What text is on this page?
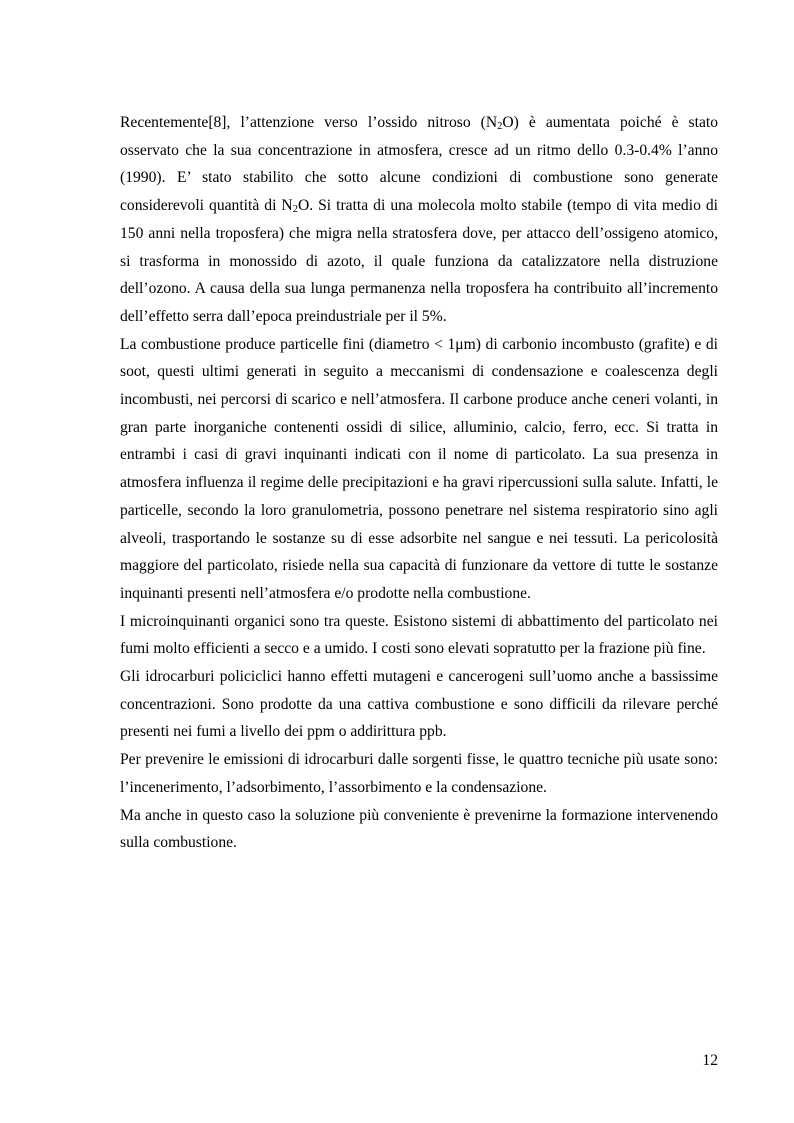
Recentemente[8], l’attenzione verso l’ossido nitroso $(N_2O)$ è aumentata poiché è stato osservato che la sua concentrazione in atmosfera, cresce ad un ritmo dello 0.3-0.4% l’anno (1990). E’ stato stabilito che sotto alcune condizioni di combustione sono generate considerevoli quantità di $N_2O$. Si tratta di una molecola molto stabile (tempo di vita medio di 150 anni nella troposfera) che migra nella stratosfera dove, per attacco dell’ossigeno atomico, si trasforma in monossido di azoto, il quale funziona da catalizzatore nella distruzione dell’ozono. A causa della sua lunga permanenza nella troposfera ha contribuito all’incremento dell’effetto serra dall’epoca preindustriale per il 5%.

La combustione produce particelle fini (diametro < 1μm) di carbonio incombusto (grafite) e di soot, questi ultimi generati in seguito a meccanismi di condensazione e coalescenza degli incombusti, nei percorsi di scarico e nell’atmosfera. Il carbone produce anche ceneri volanti, in gran parte inorganiche contenenti ossidi di silice, alluminio, calcio, ferro, ecc. Si tratta in entrambi i casi di gravi inquinanti indicati con il nome di particolato. La sua presenza in atmosfera influenza il regime delle precipitazioni e ha gravi ripercussioni sulla salute. Infatti, le particelle, secondo la loro granulometria, possono penetrare nel sistema respiratorio sino agli alveoli, trasportando le sostanze su di esse adsorbite nel sangue e nei tessuti. La pericolosità maggiore del particolato, risiede nella sua capacità di funzionare da vettore di tutte le sostanze inquinanti presenti nell’atmosfera e/o prodotte nella combustione.

I microinquinanti organici sono tra queste. Esistono sistemi di abbattimento del particolato nei fumi molto efficienti a secco e a umido. I costi sono elevati sopratutto per la frazione più fine.

Gli idrocarburi policiclici hanno effetti mutageni e cancerogeni sull’uomo anche a bassissime concentrazioni. Sono prodotte da una cattiva combustione e sono difficili da rilevare perché presenti nei fumi a livello dei ppm o addirittura ppb.

Per prevenire le emissioni di idrocarburi dalle sorgenti fisse, le quattro tecniche più usate sono: l’incenerimento, l’adsorbimento, l’assorbimento e la condensazione.

Ma anche in questo caso la soluzione più conveniente è prevenirne la formazione intervenendo sulla combustione.

12
